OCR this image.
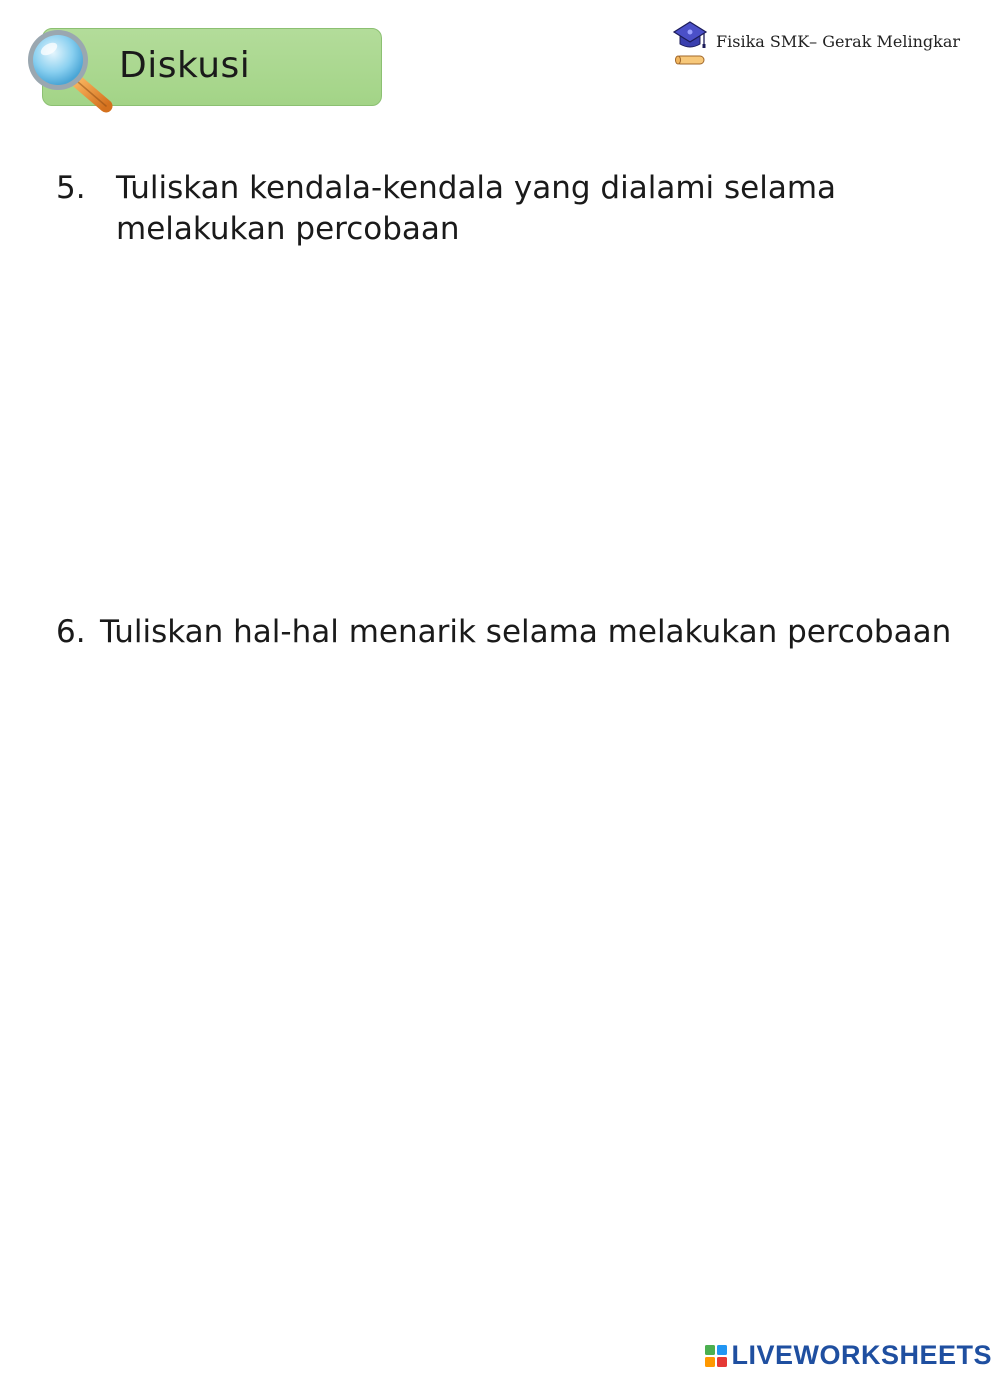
Diskusi
Fisika SMK– Gerak Melingkar
5. Tuliskan kendala-kendala yang dialami selama
melakukan percobaan
6. Tuliskan hal-hal menarik selama melakukan percobaan
LIVEWORKSHEETS
